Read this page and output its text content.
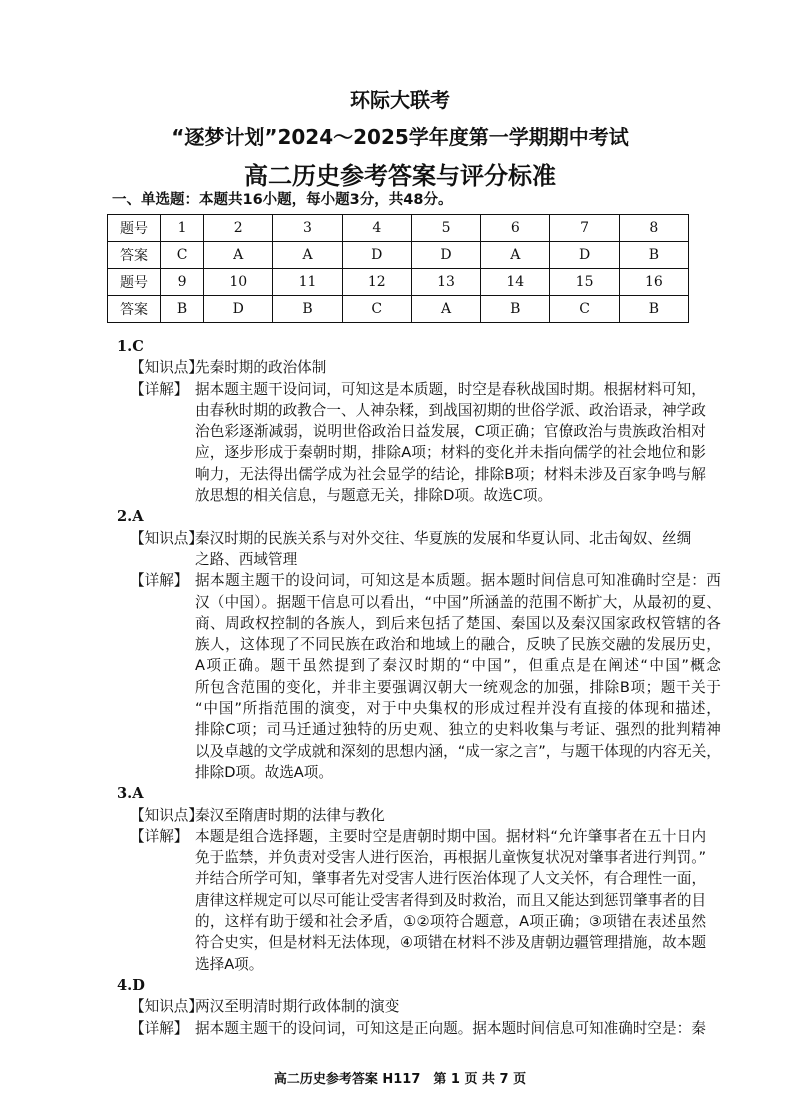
环际大联考
“逐梦计划”2024～2025学年度第一学期期中考试
高二历史参考答案与评分标准
一、单选题：本题共16小题，每小题3分，共48分。
题号	1	2	3	4	5	6	7	8
答案	C	A	A	D	D	A	D	B
题号	9	10	11	12	13	14	15	16
答案	B	D	B	C	A	B	C	B
1.C
【知识点】
先秦时期的政治体制
【详解】 据本题主题干设问词，可知这是本质题，时空是春秋战国时期。根据材料可知，
由春秋时期的政教合一、人神杂糅，到战国初期的世俗学派、政治语录，神学政
治色彩逐渐减弱，说明世俗政治日益发展，C项正确；官僚政治与贵族政治相对
应，逐步形成于秦朝时期，排除A项；材料的变化并未指向儒学的社会地位和影
响力，无法得出儒学成为社会显学的结论，排除B项；材料未涉及百家争鸣与解
放思想的相关信息，与题意无关，排除D项。故选C项。
2.A
【知识点】
秦汉时期的民族关系与对外交往、华夏族的发展和华夏认同、北击匈奴、丝绸
之路、西域管理
【详解】 据本题主题干的设问词，可知这是本质题。据本题时间信息可知准确时空是：西
汉（中国）。据题干信息可以看出，“中国”所涵盖的范围不断扩大，从最初的夏、
商、周政权控制的各族人，到后来包括了楚国、秦国以及秦汉国家政权管辖的各
族人，这体现了不同民族在政治和地域上的融合，反映了民族交融的发展历史，
A项正确。题干虽然提到了秦汉时期的“中国”，但重点是在阐述“中国”概念
所包含范围的变化，并非主要强调汉朝大一统观念的加强，排除B项；题干关于
“中国”所指范围的演变，对于中央集权的形成过程并没有直接的体现和描述，
排除C项；司马迁通过独特的历史观、独立的史料收集与考证、强烈的批判精神
以及卓越的文学成就和深刻的思想内涵，“成一家之言”，与题干体现的内容无关，
排除D项。故选A项。
3.A
【知识点】
秦汉至隋唐时期的法律与教化
【详解】 本题是组合选择题，主要时空是唐朝时期中国。据材料“允许肇事者在五十日内
免于监禁，并负责对受害人进行医治，再根据儿童恢复状况对肇事者进行判罚。”
并结合所学可知，肇事者先对受害人进行医治体现了人文关怀，有合理性一面，
唐律这样规定可以尽可能让受害者得到及时救治，而且又能达到惩罚肇事者的目
的，这样有助于缓和社会矛盾，①②项符合题意，A项正确；③项错在表述虽然
符合史实，但是材料无法体现，④项错在材料不涉及唐朝边疆管理措施，故本题
选择A项。
4.D
【知识点】
两汉至明清时期行政体制的演变
【详解】 据本题主题干的设问词，可知这是正向题。据本题时间信息可知准确时空是：秦
高二历史参考答案 H117　第 1 页 共 7 页
